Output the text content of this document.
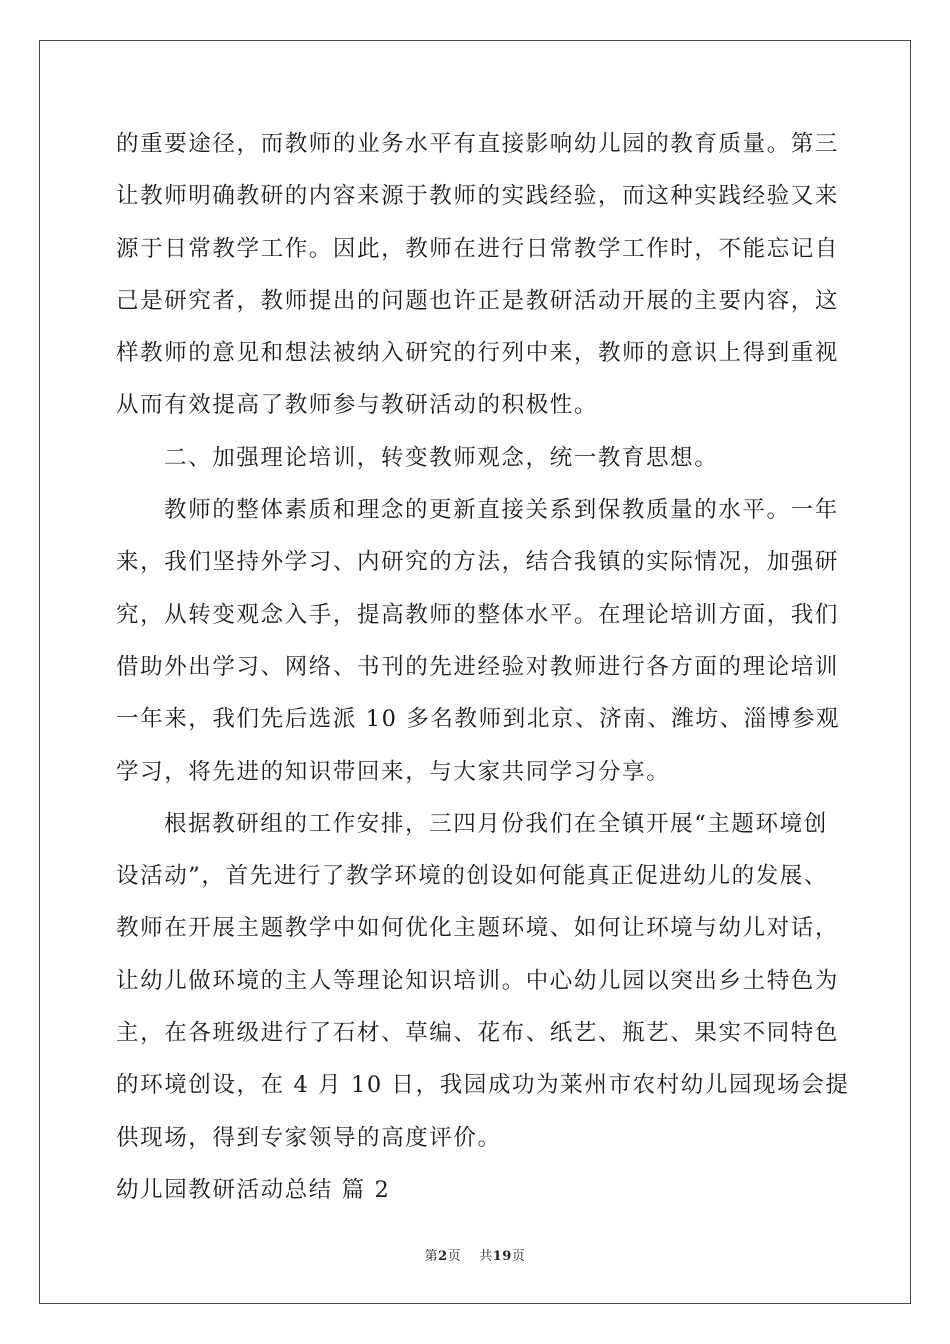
的重要途径，而教师的业务水平有直接影响幼儿园的教育质量。第三
让教师明确教研的内容来源于教师的实践经验，而这种实践经验又来
源于日常教学工作。因此，教师在进行日常教学工作时，不能忘记自
己是研究者，教师提出的问题也许正是教研活动开展的主要内容，这
样教师的意见和想法被纳入研究的行列中来，教师的意识上得到重视
从而有效提高了教师参与教研活动的积极性。
二、加强理论培训，转变教师观念，统一教育思想。
教师的整体素质和理念的更新直接关系到保教质量的水平。一年
来，我们坚持外学习、内研究的方法，结合我镇的实际情况，加强研
究，从转变观念入手，提高教师的整体水平。在理论培训方面，我们
借助外出学习、网络、书刊的先进经验对教师进行各方面的理论培训
一年来，我们先后选派 10 多名教师到北京、济南、潍坊、淄博参观
学习，将先进的知识带回来，与大家共同学习分享。
根据教研组的工作安排，三四月份我们在全镇开展“主题环境创
设活动”，首先进行了教学环境的创设如何能真正促进幼儿的发展、
教师在开展主题教学中如何优化主题环境、如何让环境与幼儿对话，
让幼儿做环境的主人等理论知识培训。中心幼儿园以突出乡土特色为
主，在各班级进行了石材、草编、花布、纸艺、瓶艺、果实不同特色
的环境创设，在 4 月 10 日，我园成功为莱州市农村幼儿园现场会提
供现场，得到专家领导的高度评价。
幼儿园教研活动总结 篇 2
第2页 共19页
